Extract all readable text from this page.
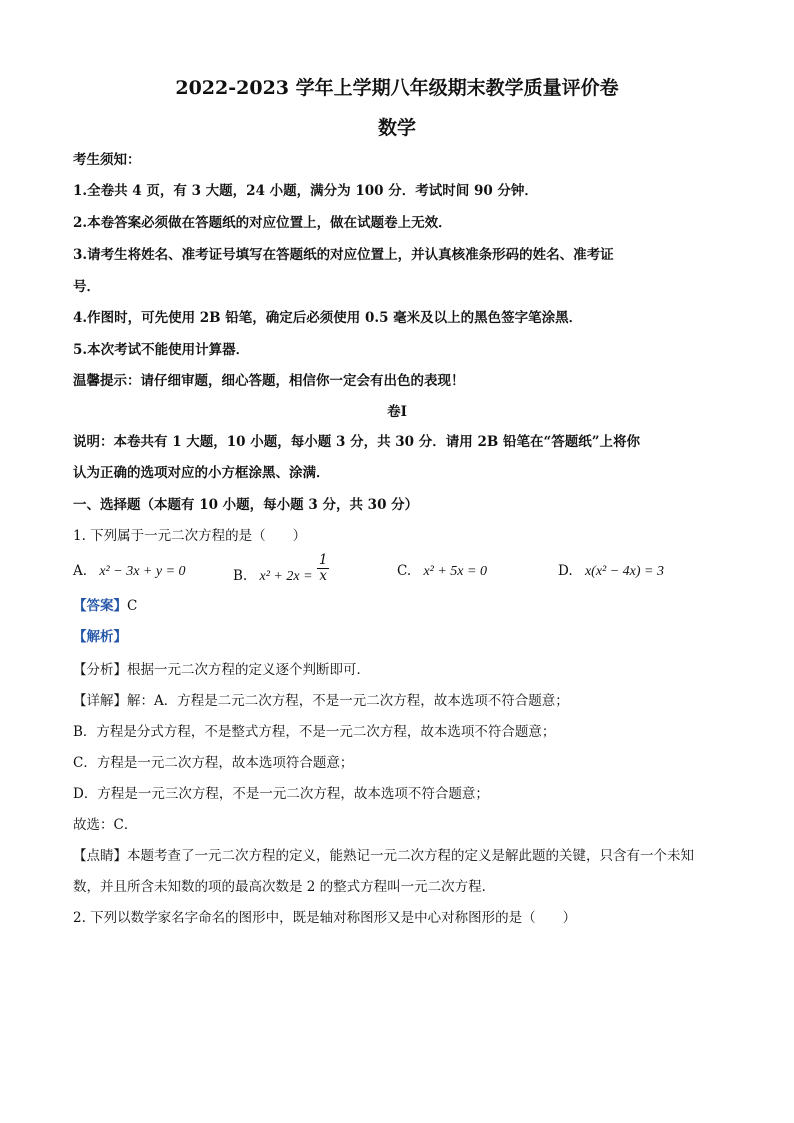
2022-2023 学年上学期八年级期末教学质量评价卷
数学
考生须知：
1.全卷共 4 页，有 3 大题，24 小题，满分为 100 分．考试时间 90 分钟．
2.本卷答案必须做在答题纸的对应位置上，做在试题卷上无效．
3.请考生将姓名、准考证号填写在答题纸的对应位置上，并认真核准条形码的姓名、准考证
号．
4.作图时，可先使用 2B 铅笔，确定后必须使用 0.5 毫米及以上的黑色签字笔涂黑．
5.本次考试不能使用计算器．
温馨提示：请仔细审题，细心答题，相信你一定会有出色的表现！
卷Ⅰ
说明：本卷共有 1 大题，10 小题，每小题 3 分，共 30 分．请用 2B 铅笔在“答题纸”上将你
认为正确的选项对应的小方框涂黑、涂满．
一、选择题（本题有 10 小题，每小题 3 分，共 30 分）
1. 下列属于一元二次方程的是（　　）
A. x² − 3x + y = 0	B. $x^2 + 2x = \frac{1}{x}$	C. x² + 5x = 0	D. x(x² − 4x) = 3
【答案】C
【解析】
【分析】根据一元二次方程的定义逐个判断即可．
【详解】解：A．方程是二元二次方程，不是一元二次方程，故本选项不符合题意；
B．方程是分式方程，不是整式方程，不是一元二次方程，故本选项不符合题意；
C．方程是一元二次方程，故本选项符合题意；
D．方程是一元三次方程，不是一元二次方程，故本选项不符合题意；
故选：C．
【点睛】本题考查了一元二次方程的定义，能熟记一元二次方程的定义是解此题的关键，只含有一个未知
数，并且所含未知数的项的最高次数是 2 的整式方程叫一元二次方程．
2. 下列以数学家名字命名的图形中，既是轴对称图形又是中心对称图形的是（　　）
